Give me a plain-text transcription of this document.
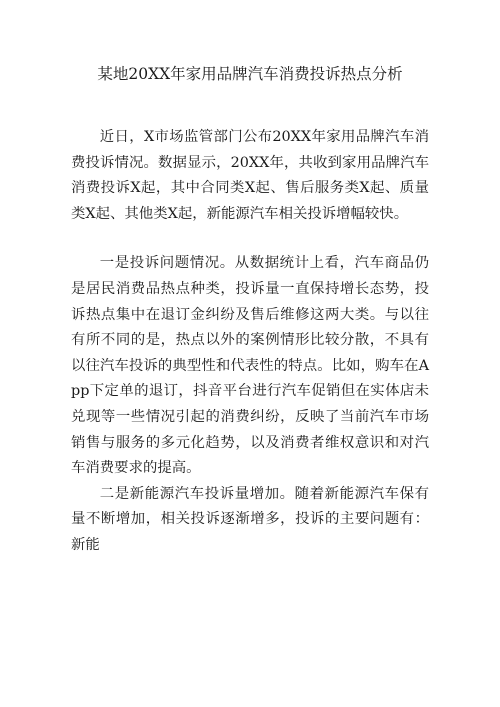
某地20XX年家用品牌汽车消费投诉热点分析

近日，X市场监管部门公布20XX年家用品牌汽车消费投诉情况。数据显示，20XX年，共收到家用品牌汽车消费投诉X起，其中合同类X起、售后服务类X起、质量类X起、其他类X起，新能源汽车相关投诉增幅较快。

一是投诉问题情况。从数据统计上看，汽车商品仍是居民消费品热点种类，投诉量一直保持增长态势，投诉热点集中在退订金纠纷及售后维修这两大类。与以往有所不同的是，热点以外的案例情形比较分散，不具有以往汽车投诉的典型性和代表性的特点。比如，购车在App下定单的退订，抖音平台进行汽车促销但在实体店未兑现等一些情况引起的消费纠纷，反映了当前汽车市场销售与服务的多元化趋势，以及消费者维权意识和对汽车消费要求的提高。

二是新能源汽车投诉量增加。随着新能源汽车保有量不断增加，相关投诉逐渐增多，投诉的主要问题有：新能
